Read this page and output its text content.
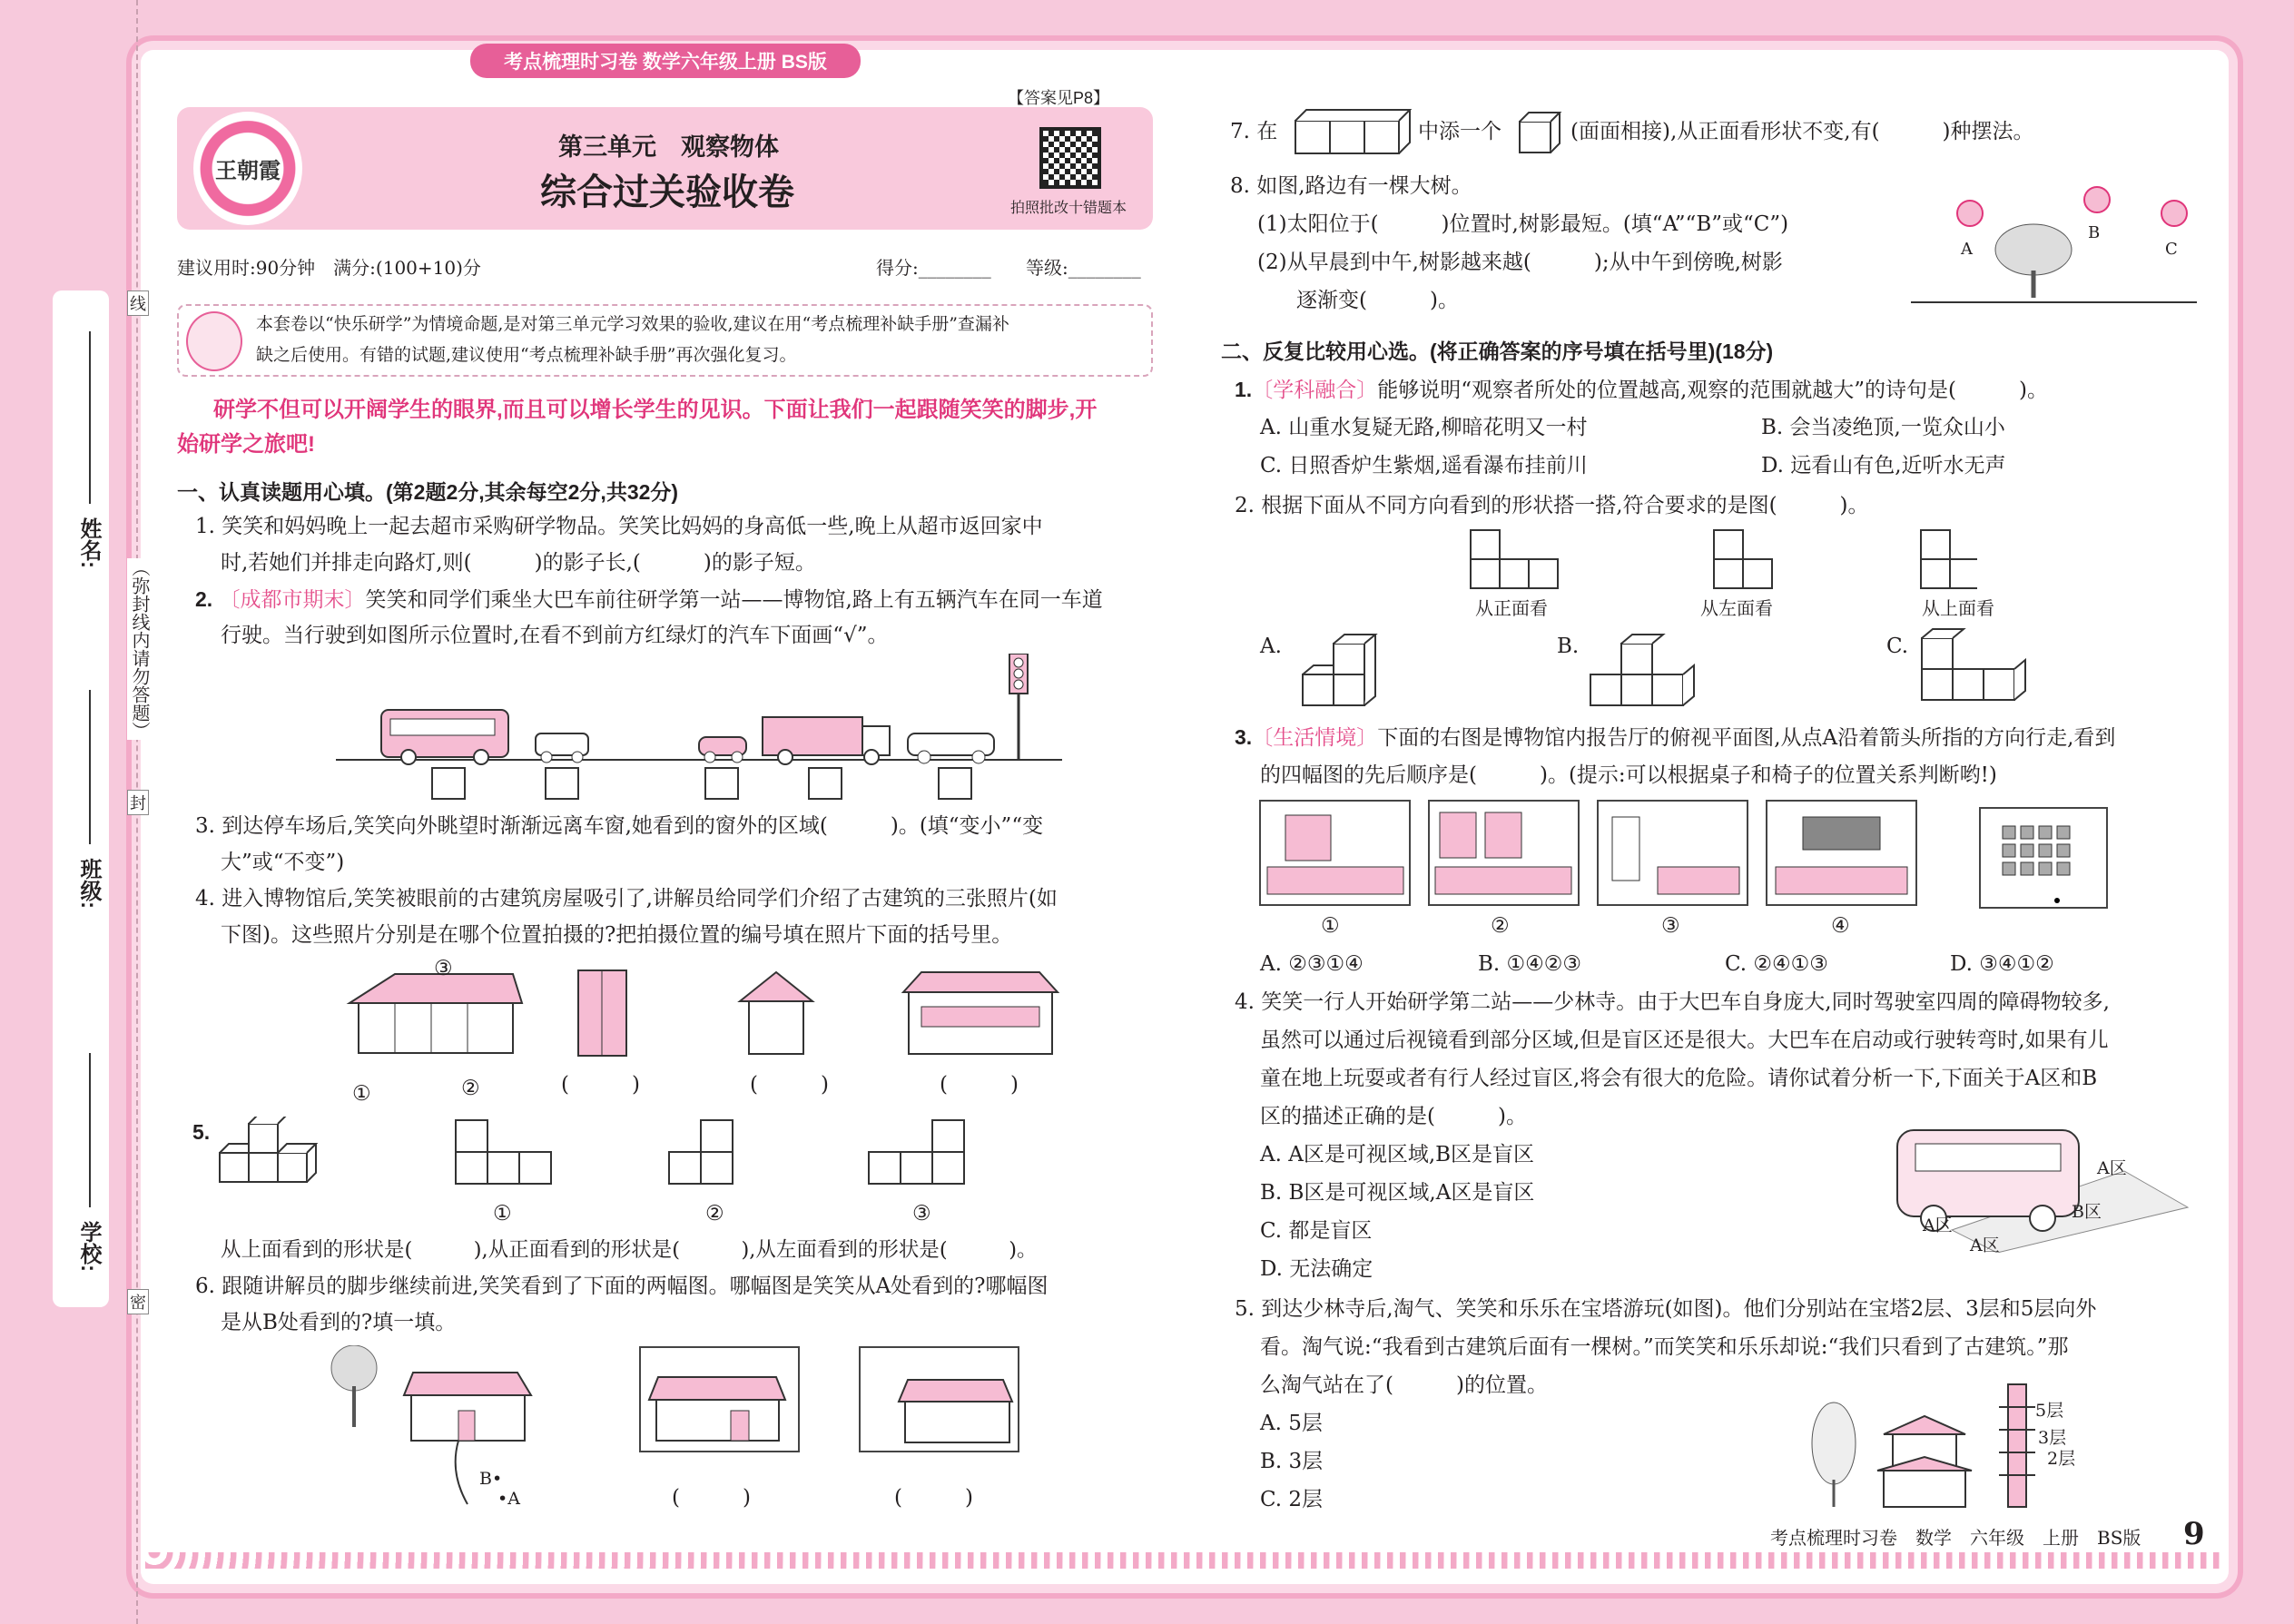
学校:
班级:
姓名:
（弥封线内请勿答题）
线
封
密
考点梳理时习卷 数学六年级上册 BS版
王朝霞
第三单元　观察物体
综合过关验收卷	拍照批改十错题本
【答案见P8】
建议用时:90分钟　满分:(100+10)分	得分:________ 等级:________
本套卷以“快乐研学”为情境命题,是对第三单元学习效果的验收,建议在用“考点梳理补缺手册”查漏补
缺之后使用。有错的试题,建议使用“考点梳理补缺手册”再次强化复习。
研学不但可以开阔学生的眼界,而且可以增长学生的见识。下面让我们一起跟随笑笑的脚步,开
始研学之旅吧!
一、认真读题用心填。(第2题2分,其余每空2分,共32分)
1. 笑笑和妈妈晚上一起去超市采购研学物品。笑笑比妈妈的身高低一些,晚上从超市返回家中
时,若她们并排走向路灯,则(　　　)的影子长,(　　　)的影子短。
2. 〔成都市期末〕笑笑和同学们乘坐大巴车前往研学第一站——博物馆,路上有五辆汽车在同一车道
行驶。当行驶到如图所示位置时,在看不到前方红绿灯的汽车下面画“√”。
3. 到达停车场后,笑笑向外眺望时渐渐远离车窗,她看到的窗外的区域(　　　)。(填“变小”“变
大”或“不变”)
4. 进入博物馆后,笑笑被眼前的古建筑房屋吸引了,讲解员给同学们介绍了古建筑的三张照片(如
下图)。这些照片分别是在哪个位置拍摄的?把拍摄位置的编号填在照片下面的括号里。
③
①	②	(　　　)	(　　　)	(　　　)
5.
①	②	③
从上面看到的形状是(　　　),从正面看到的形状是(　　　),从左面看到的形状是(　　　)。
6. 跟随讲解员的脚步继续前进,笑笑看到了下面的两幅图。哪幅图是笑笑从A处看到的?哪幅图
是从B处看到的?填一填。
B•
•A	(　　　)	(　　　)
7. 在	中添一个	(面面相接),从正面看形状不变,有(　　　)种摆法。
8. 如图,路边有一棵大树。
(1)太阳位于(　　　)位置时,树影最短。(填“A”“B”或“C”)
(2)从早晨到中午,树影越来越(　　　);从中午到傍晚,树影
逐渐变(　　　)。
A
B
C
二、反复比较用心选。(将正确答案的序号填在括号里)(18分)
1.〔学科融合〕能够说明“观察者所处的位置越高,观察的范围就越大”的诗句是(　　　)。
A. 山重水复疑无路,柳暗花明又一村	B. 会当凌绝顶,一览众山小
C. 日照香炉生紫烟,遥看瀑布挂前川	D. 远看山有色,近听水无声
2. 根据下面从不同方向看到的形状搭一搭,符合要求的是图(　　　)。
从正面看	从左面看	从上面看
A.	B.	C.
3.〔生活情境〕下面的右图是博物馆内报告厅的俯视平面图,从点A沿着箭头所指的方向行走,看到
的四幅图的先后顺序是(　　　)。(提示:可以根据桌子和椅子的位置关系判断哟!)
①	②	③	④
A. ②③①④	B. ①④②③	C. ②④①③	D. ③④①②
4. 笑笑一行人开始研学第二站——少林寺。由于大巴车自身庞大,同时驾驶室四周的障碍物较多,
虽然可以通过后视镜看到部分区域,但是盲区还是很大。大巴车在启动或行驶转弯时,如果有儿
童在地上玩耍或者有行人经过盲区,将会有很大的危险。请你试着分析一下,下面关于A区和B
区的描述正确的是(　　　)。
A. A区是可视区域,B区是盲区
B. B区是可视区域,A区是盲区
C. 都是盲区
D. 无法确定
A区
A区
A区
B区
5. 到达少林寺后,淘气、笑笑和乐乐在宝塔游玩(如图)。他们分别站在宝塔2层、3层和5层向外
看。淘气说:“我看到古建筑后面有一棵树。”而笑笑和乐乐却说:“我们只看到了古建筑。”那
么淘气站在了(　　　)的位置。
A. 5层
B. 3层
C. 2层
5层
3层
2层
考点梳理时习卷　数学　六年级　上册　BS版 9
